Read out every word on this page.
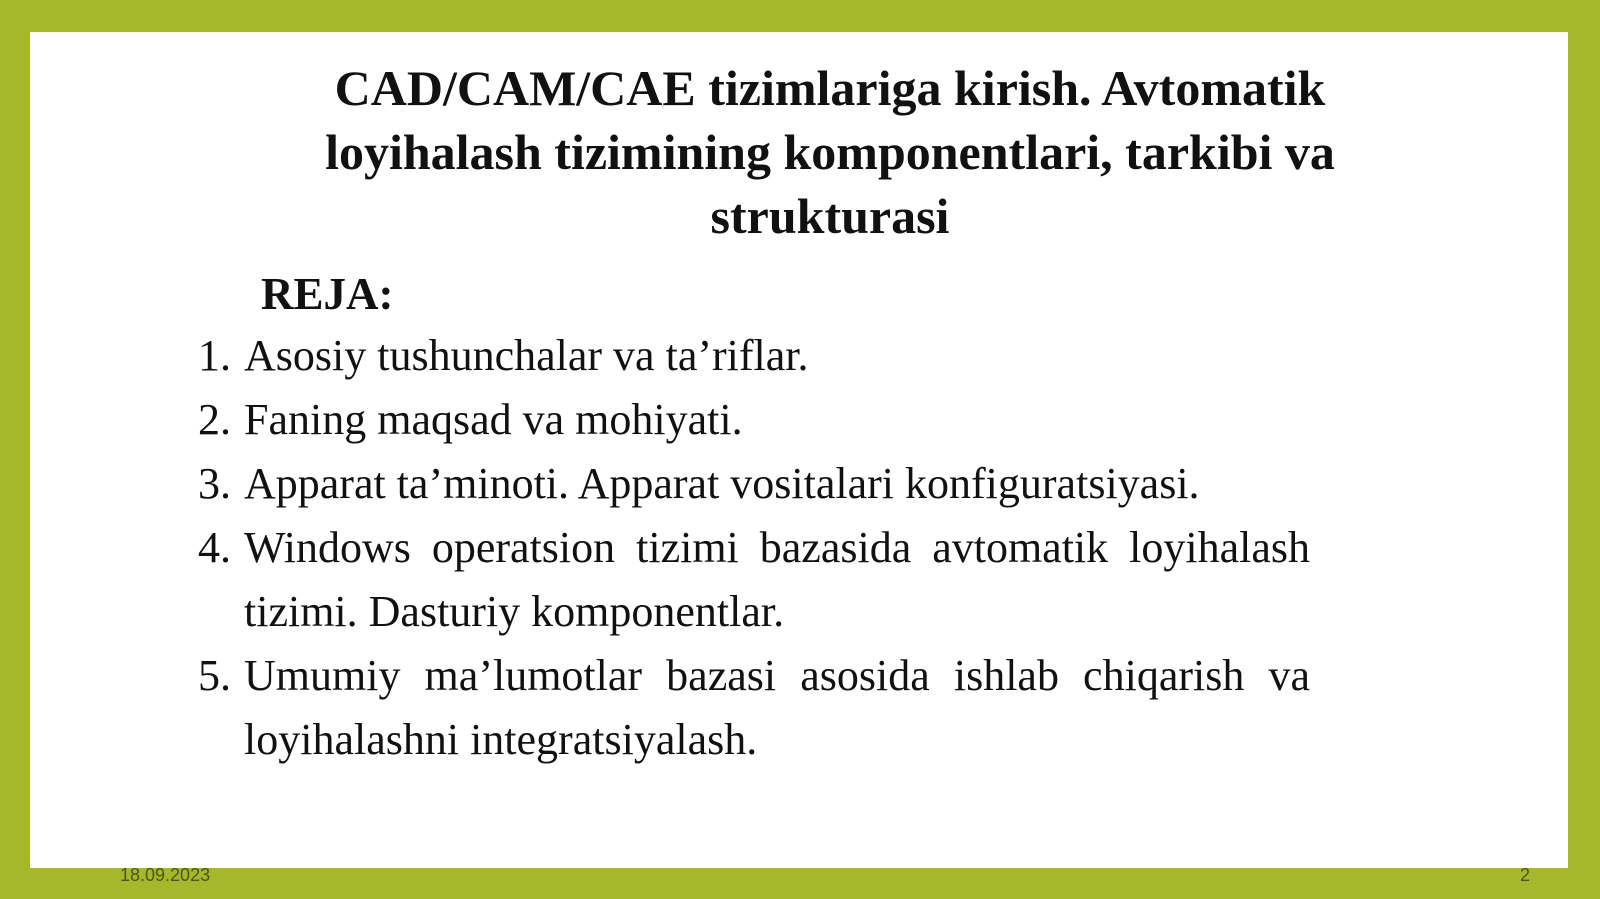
CAD/CAM/CAE tizimlariga kirish. Avtomatik loyihalash tizimining komponentlari, tarkibi va strukturasi
REJA:
1. Asosiy tushunchalar va ta’riflar.
2. Faning maqsad va mohiyati.
3. Apparat ta’minoti. Apparat vositalari konfiguratsiyasi.
4. Windows operatsion tizimi bazasida avtomatik loyihalash tizimi. Dasturiy komponentlar.
5. Umumiy ma’lumotlar bazasi asosida ishlab chiqarish va loyihalashni integratsiyalash.
18.09.2023	2
